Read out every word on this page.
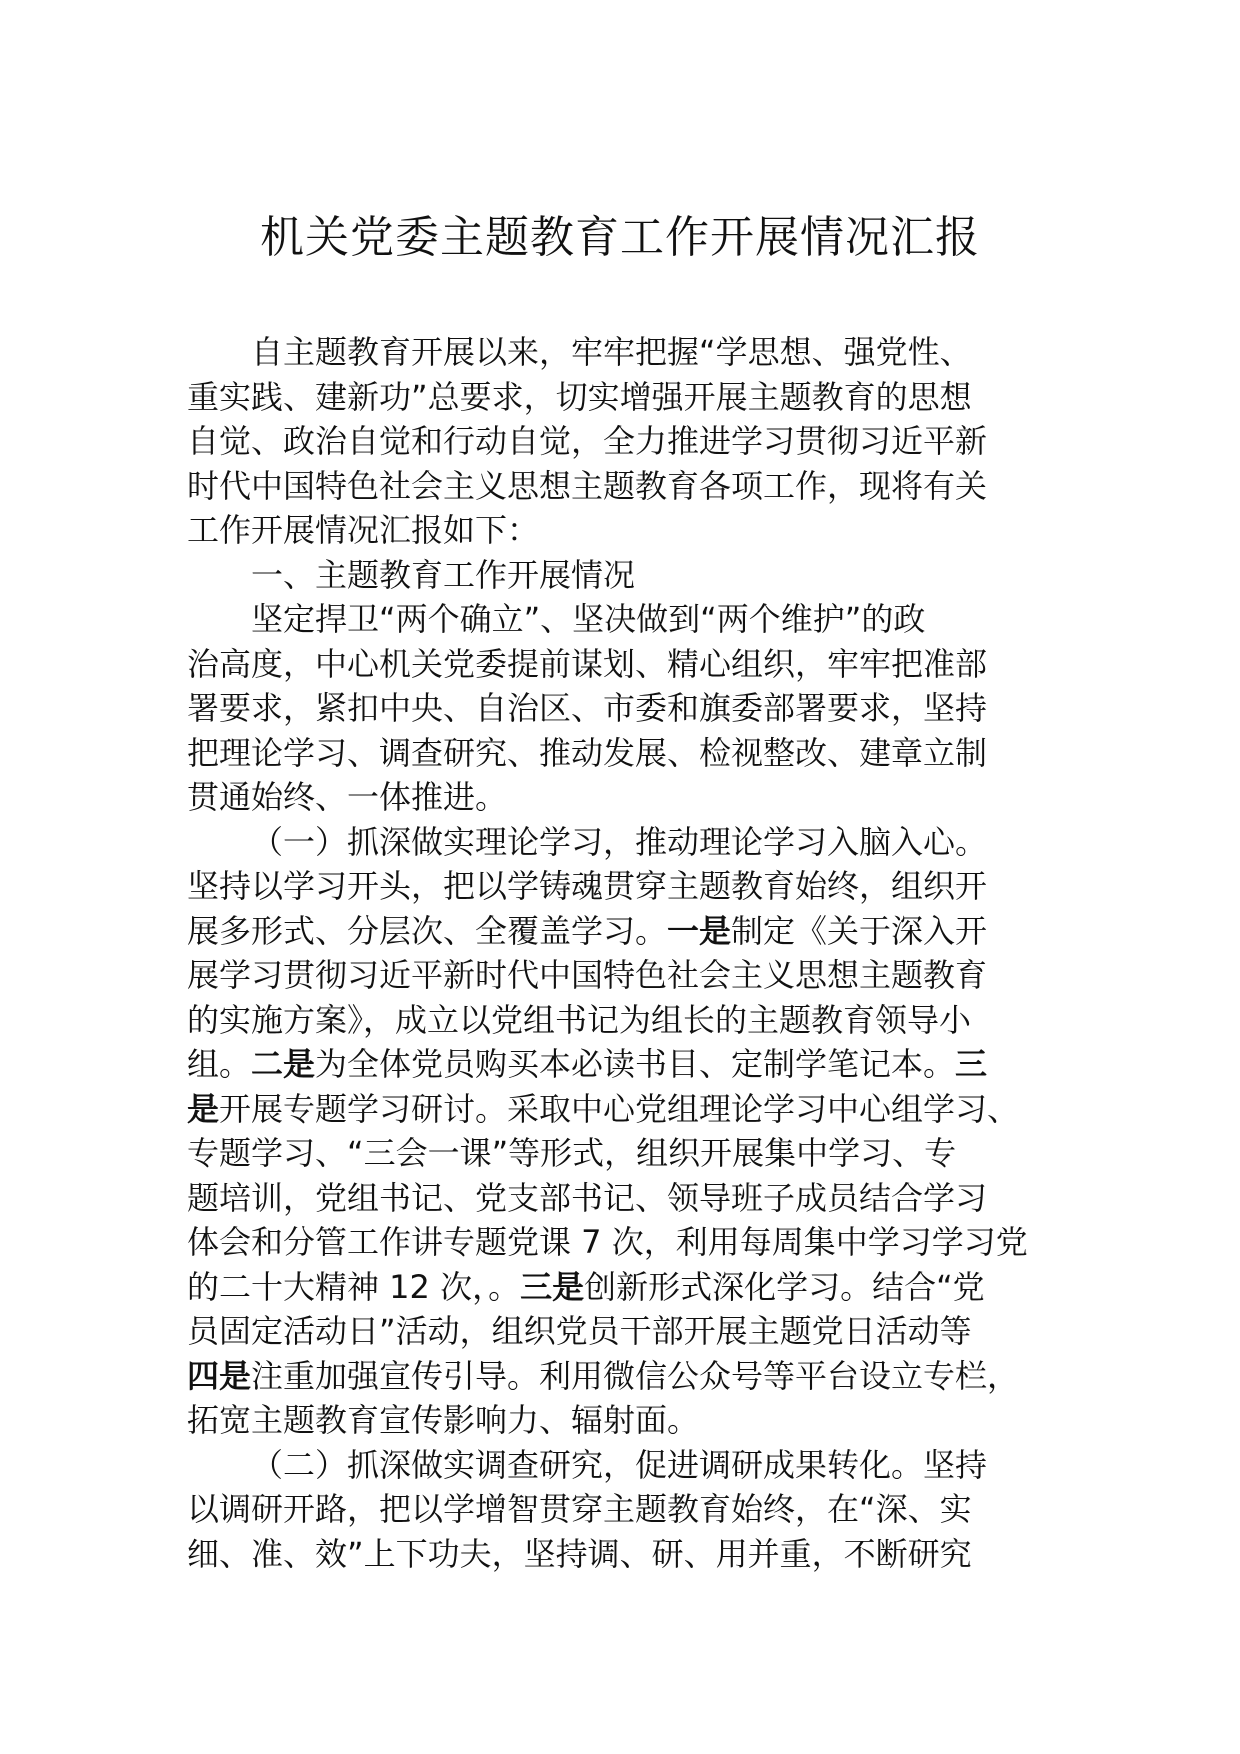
机关党委主题教育工作开展情况汇报
自主题教育开展以来，牢牢把握“学思想、强党性、
重实践、建新功”总要求，切实增强开展主题教育的思想
自觉、政治自觉和行动自觉，全力推进学习贯彻习近平新
时代中国特色社会主义思想主题教育各项工作，现将有关
工作开展情况汇报如下：
一、主题教育工作开展情况
坚定捍卫“两个确立”、坚决做到“两个维护”的政
治高度，中心机关党委提前谋划、精心组织，牢牢把准部
署要求，紧扣中央、自治区、市委和旗委部署要求，坚持
把理论学习、调查研究、推动发展、检视整改、建章立制
贯通始终、一体推进。
（一）抓深做实理论学习，推动理论学习入脑入心。
坚持以学习开头，把以学铸魂贯穿主题教育始终，组织开
展多形式、分层次、全覆盖学习。一是制定《关于深入开
展学习贯彻习近平新时代中国特色社会主义思想主题教育
的实施方案》，成立以党组书记为组长的主题教育领导小
组。二是为全体党员购买本必读书目、定制学笔记本。三
是开展专题学习研讨。采取中心党组理论学习中心组学习、
专题学习、“三会一课”等形式，组织开展集中学习、专
题培训，党组书记、党支部书记、领导班子成员结合学习
体会和分管工作讲专题党课 7 次，利用每周集中学习学习党
的二十大精神 12 次，。三是创新形式深化学习。结合“党
员固定活动日”活动，组织党员干部开展主题党日活动等
四是注重加强宣传引导。利用微信公众号等平台设立专栏，
拓宽主题教育宣传影响力、辐射面。
（二）抓深做实调查研究，促进调研成果转化。坚持
以调研开路，把以学增智贯穿主题教育始终，在“深、实
细、准、效”上下功夫，坚持调、研、用并重，不断研究
